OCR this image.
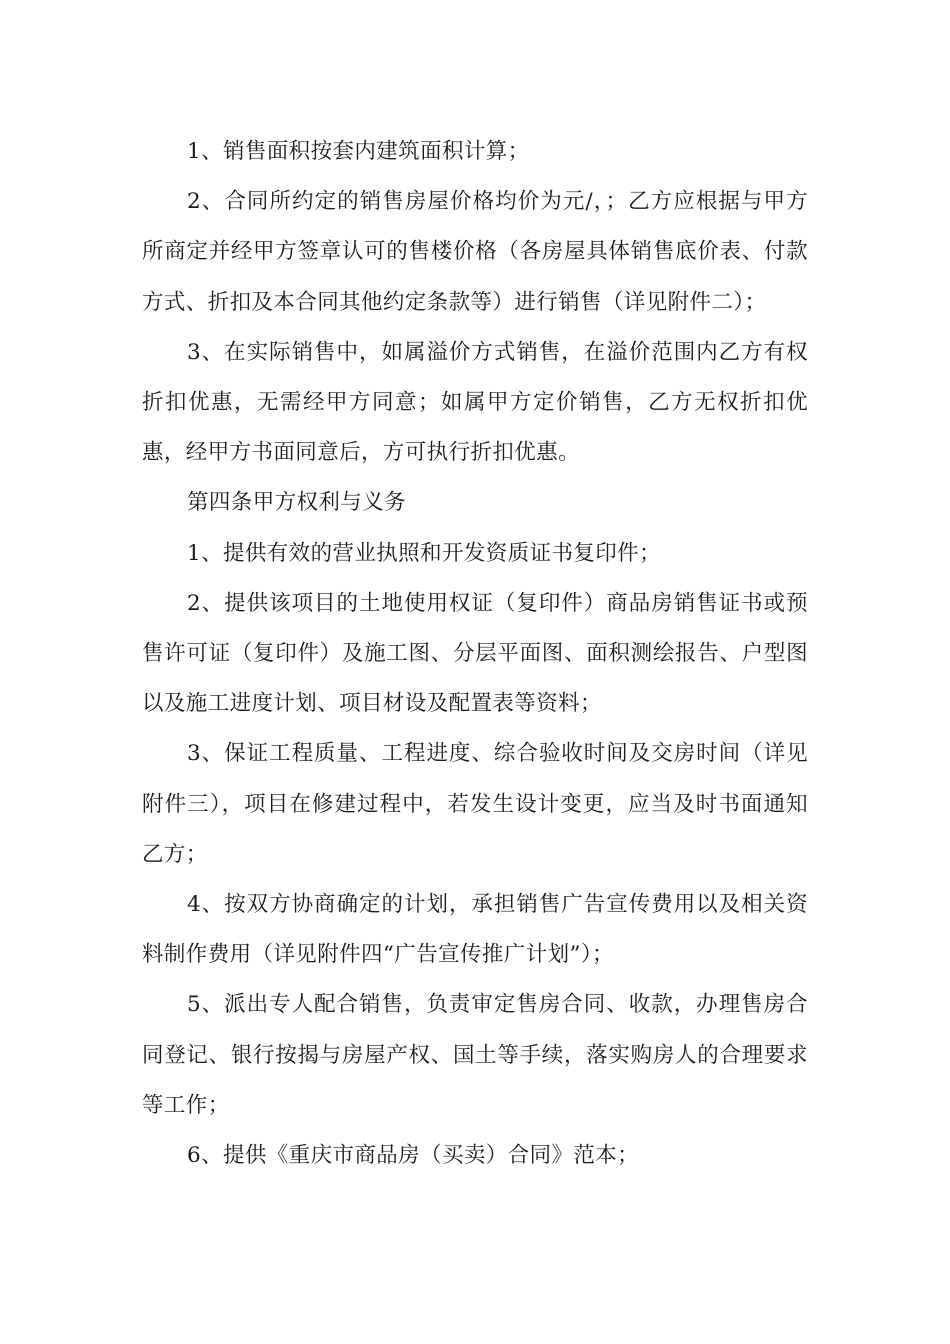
1、销售面积按套内建筑面积计算；

2、合同所约定的销售房屋价格均价为元/，；乙方应根据与甲方所商定并经甲方签章认可的售楼价格（各房屋具体销售底价表、付款方式、折扣及本合同其他约定条款等）进行销售（详见附件二）；

3、在实际销售中，如属溢价方式销售，在溢价范围内乙方有权折扣优惠，无需经甲方同意；如属甲方定价销售，乙方无权折扣优惠，经甲方书面同意后，方可执行折扣优惠。

第四条甲方权利与义务

1、提供有效的营业执照和开发资质证书复印件；

2、提供该项目的土地使用权证（复印件）商品房销售证书或预售许可证（复印件）及施工图、分层平面图、面积测绘报告、户型图以及施工进度计划、项目材设及配置表等资料；

3、保证工程质量、工程进度、综合验收时间及交房时间（详见附件三），项目在修建过程中，若发生设计变更，应当及时书面通知乙方；

4、按双方协商确定的计划，承担销售广告宣传费用以及相关资料制作费用（详见附件四“广告宣传推广计划”）；

5、派出专人配合销售，负责审定售房合同、收款，办理售房合同登记、银行按揭与房屋产权、国土等手续，落实购房人的合理要求等工作；

6、提供《重庆市商品房（买卖）合同》范本；
